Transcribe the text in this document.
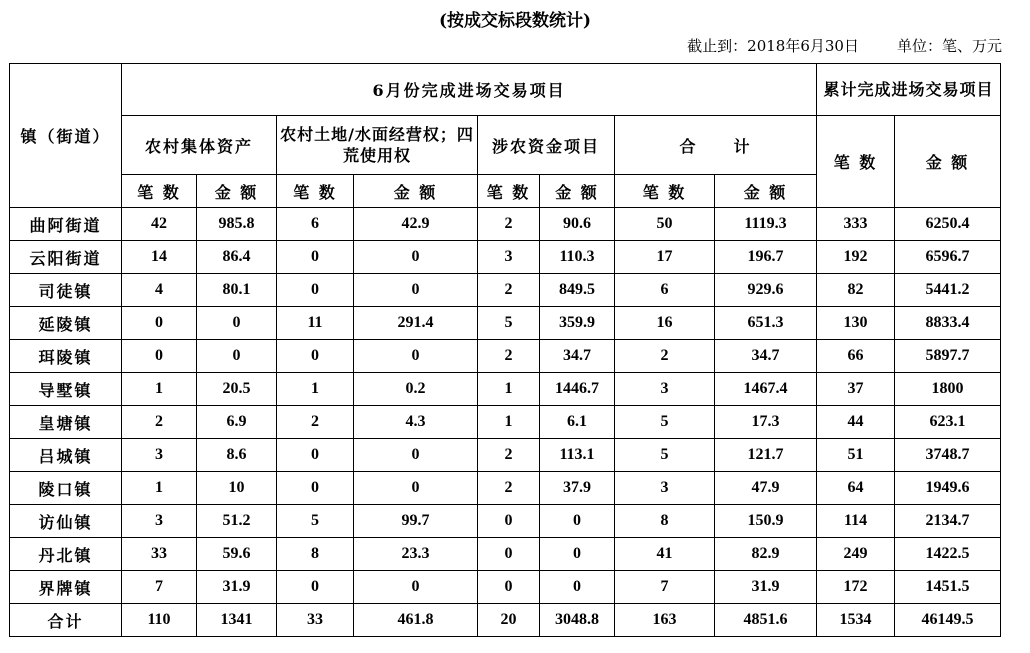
(按成交标段数统计)
截止到：2018年6月30日	单位：笔、万元
镇（街道）	6月份完成进场交易项目								累计完成进场交易项目	
	农村集体资产		农村土地/水面经营权；四荒使用权		涉农资金项目		合　　计		笔 数	金 额
	笔 数	金 额	笔 数	金 额	笔 数	金 额	笔 数	金 额		
曲阿街道	42	985.8	6	42.9	2	90.6	50	1119.3	333	6250.4
云阳街道	14	86.4	0	0	3	110.3	17	196.7	192	6596.7
司徒镇	4	80.1	0	0	2	849.5	6	929.6	82	5441.2
延陵镇	0	0	11	291.4	5	359.9	16	651.3	130	8833.4
珥陵镇	0	0	0	0	2	34.7	2	34.7	66	5897.7
导墅镇	1	20.5	1	0.2	1	1446.7	3	1467.4	37	1800
皇塘镇	2	6.9	2	4.3	1	6.1	5	17.3	44	623.1
吕城镇	3	8.6	0	0	2	113.1	5	121.7	51	3748.7
陵口镇	1	10	0	0	2	37.9	3	47.9	64	1949.6
访仙镇	3	51.2	5	99.7	0	0	8	150.9	114	2134.7
丹北镇	33	59.6	8	23.3	0	0	41	82.9	249	1422.5
界牌镇	7	31.9	0	0	0	0	7	31.9	172	1451.5
合计	110	1341	33	461.8	20	3048.8	163	4851.6	1534	46149.5
